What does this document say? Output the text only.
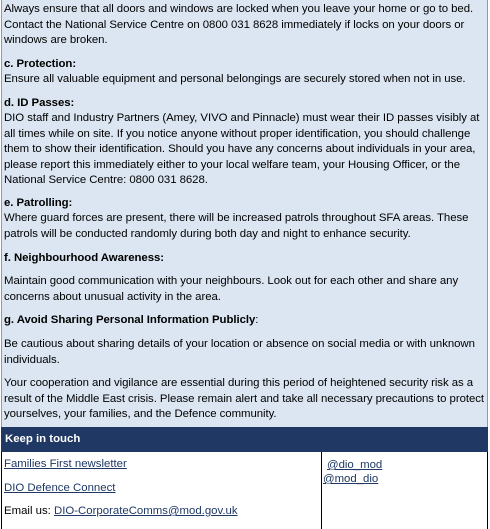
Always ensure that all doors and windows are locked when you leave your home or go to bed. Contact the National Service Centre on 0800 031 8628 immediately if locks on your doors or windows are broken.

c. Protection:

Ensure all valuable equipment and personal belongings are securely stored when not in use.

d. ID Passes:

DIO staff and Industry Partners (Amey, VIVO and Pinnacle) must wear their ID passes visibly at all times while on site. If you notice anyone without proper identification, you should challenge them to show their identification. Should you have any concerns about individuals in your area, please report this immediately either to your local welfare team, your Housing Officer, or the National Service Centre: 0800 031 8628.

e. Patrolling:

Where guard forces are present, there will be increased patrols throughout SFA areas. These patrols will be conducted randomly during both day and night to enhance security.

f. Neighbourhood Awareness:

Maintain good communication with your neighbours. Look out for each other and share any concerns about unusual activity in the area.

g. Avoid Sharing Personal Information Publicly:

Be cautious about sharing details of your location or absence on social media or with unknown individuals.

Your cooperation and vigilance are essential during this period of heightened security risk as a result of the Middle East crisis. Please remain alert and take all necessary precautions to protect yourselves, your families, and the Defence community.

Keep in touch
Families First newsletter
DIO Defence Connect
Email us: DIO-CorporateComms@mod.gov.uk
@dio_mod
@mod_dio
